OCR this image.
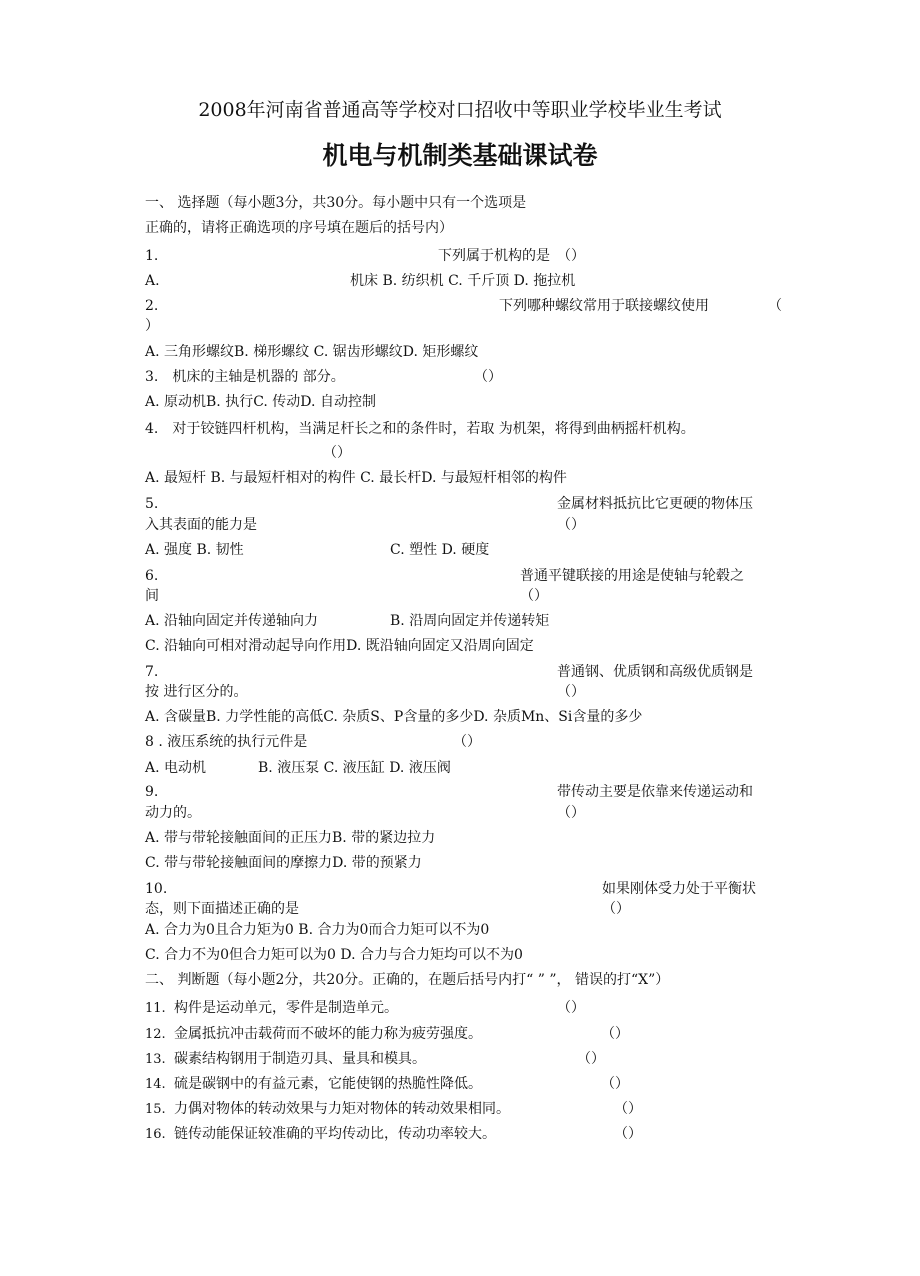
2008年河南省普通高等学校对口招收中等职业学校毕业生考试
机电与机制类基础课试卷
一、 选择题（每小题3分，共30分。每小题中只有一个选项是
正确的，请将正确选项的序号填在题后的括号内）
1.	下列属于机构的是　（）
A.	机床 B. 纺织机 C. 千斤顶 D. 拖拉机
2.	下列哪种螺纹常用于联接螺纹使用	（
）
A. 三角形螺纹B. 梯形螺纹 C. 锯齿形螺纹D. 矩形螺纹
3.　机床的主轴是机器的 部分。	（）
A. 原动机B. 执行C. 传动D. 自动控制
4.　对于铰链四杆机构，当满足杆长之和的条件时，若取 为机架，将得到曲柄摇杆机构。
（）
A. 最短杆 B. 与最短杆相对的构件 C. 最长杆D. 与最短杆相邻的构件
5.	金属材料抵抗比它更硬的物体压
入其表面的能力是	（）
A. 强度 B. 韧性	C. 塑性 D. 硬度
6.	普通平键联接的用途是使轴与轮毂之
间	（）
A. 沿轴向固定并传递轴向力	B. 沿周向固定并传递转矩
C. 沿轴向可相对滑动起导向作用D. 既沿轴向固定又沿周向固定
7.	普通钢、优质钢和高级优质钢是
按 进行区分的。	（）
A. 含碳量B. 力学性能的高低C. 杂质S、P含量的多少D. 杂质Mn、Si含量的多少
8 . 液压系统的执行元件是	（）
A. 电动机	B. 液压泵 C. 液压缸 D. 液压阀
9.	带传动主要是依靠来传递运动和
动力的。	（）
A. 带与带轮接触面间的正压力B. 带的紧边拉力
C. 带与带轮接触面间的摩擦力D. 带的预紧力
10.	如果刚体受力处于平衡状
态，则下面描述正确的是	（）
A. 合力为0且合力矩为0 B. 合力为0而合力矩可以不为0
C. 合力不为0但合力矩可以为0 D. 合力与合力矩均可以不为0
二、 判断题（每小题2分，共20分。正确的，在题后括号内打“ ” ”， 错误的打“X”）
11. 构件是运动单元，零件是制造单元。	（）
12. 金属抵抗冲击载荷而不破坏的能力称为疲劳强度。	（）
13. 碳素结构钢用于制造刃具、量具和模具。	（）
14. 硫是碳钢中的有益元素，它能使钢的热脆性降低。	（）
15. 力偶对物体的转动效果与力矩对物体的转动效果相同。	（）
16. 链传动能保证较准确的平均传动比，传动功率较大。	（）
